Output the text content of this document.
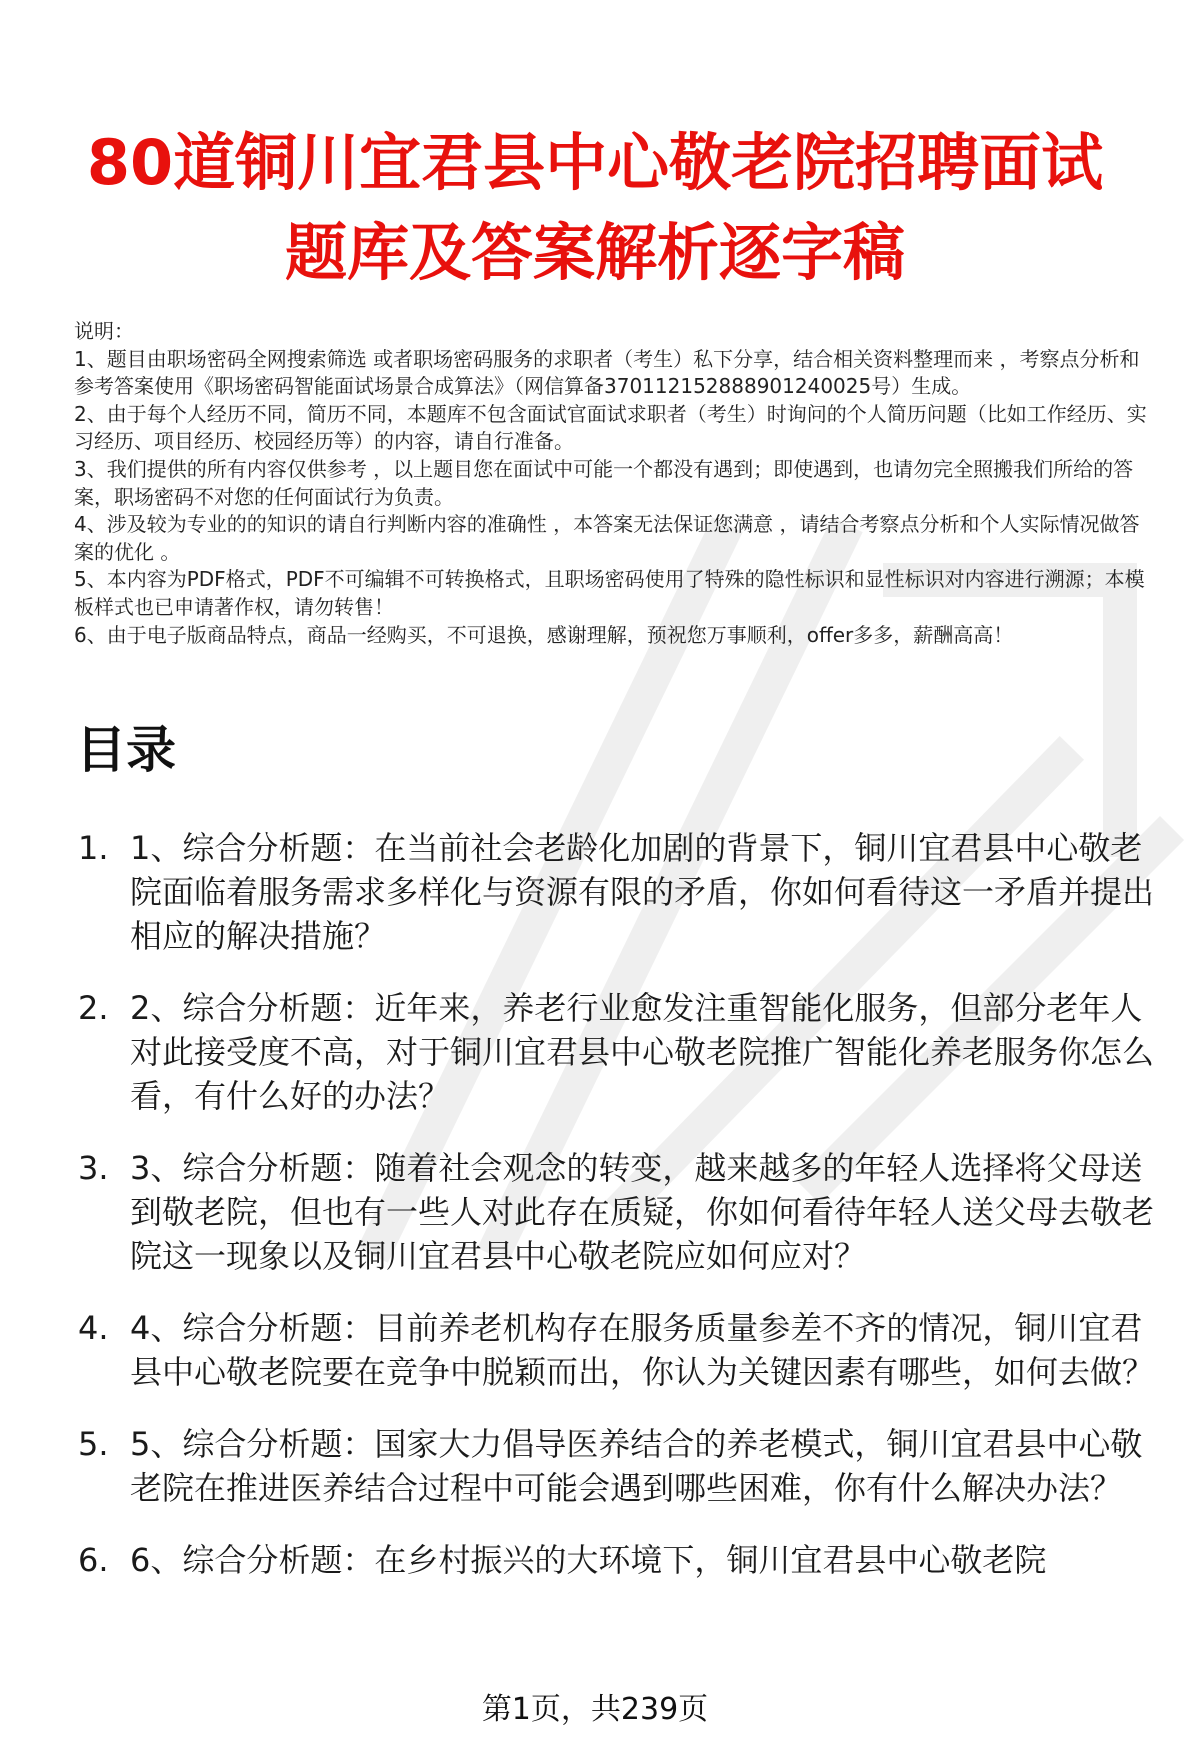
80道铜川宜君县中心敬老院招聘面试题库及答案解析逐字稿

说明：

1、题目由职场密码全网搜索筛选 或者职场密码服务的求职者（考生）私下分享，结合相关资料整理而来 ，考察点分析和参考答案使用《职场密码智能面试场景合成算法》（网信算备370112152888901240025号）生成。

2、由于每个人经历不同，简历不同，本题库不包含面试官面试求职者（考生）时询问的个人简历问题（比如工作经历、实习经历、项目经历、校园经历等）的内容，请自行准备。

3、我们提供的所有内容仅供参考 ，以上题目您在面试中可能一个都没有遇到；即使遇到，也请勿完全照搬我们所给的答案，职场密码不对您的任何面试行为负责。

4、涉及较为专业的的知识的请自行判断内容的准确性 ，本答案无法保证您满意 ，请结合考察点分析和个人实际情况做答案的优化 。

5、本内容为PDF格式，PDF不可编辑不可转换格式，且职场密码使用了特殊的隐性标识和显性标识对内容进行溯源；本模板样式也已申请著作权，请勿转售！

6、由于电子版商品特点，商品一经购买，不可退换，感谢理解，预祝您万事顺利，offer多多，薪酬高高！

目录
1. 1、综合分析题：在当前社会老龄化加剧的背景下，铜川宜君县中心敬老院面临着服务需求多样化与资源有限的矛盾，你如何看待这一矛盾并提出相应的解决措施？
2. 2、综合分析题：近年来，养老行业愈发注重智能化服务，但部分老年人对此接受度不高，对于铜川宜君县中心敬老院推广智能化养老服务你怎么看，有什么好的办法？
3. 3、综合分析题：随着社会观念的转变，越来越多的年轻人选择将父母送到敬老院，但也有一些人对此存在质疑，你如何看待年轻人送父母去敬老院这一现象以及铜川宜君县中心敬老院应如何应对？
4. 4、综合分析题：目前养老机构存在服务质量参差不齐的情况，铜川宜君县中心敬老院要在竞争中脱颖而出，你认为关键因素有哪些，如何去做？
5. 5、综合分析题：国家大力倡导医养结合的养老模式，铜川宜君县中心敬老院在推进医养结合过程中可能会遇到哪些困难，你有什么解决办法？
6. 6、综合分析题：在乡村振兴的大环境下，铜川宜君县中心敬老院
第1页，共239页
